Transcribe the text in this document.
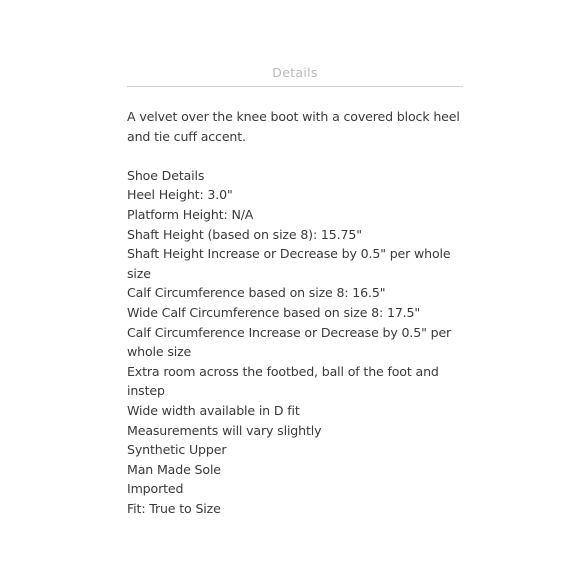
Details

A velvet over the knee boot with a covered block heel and tie cuff accent.

Shoe Details

Heel Height: 3.0"
Platform Height: N/A
Shaft Height (based on size 8): 15.75"
Shaft Height Increase or Decrease by 0.5" per whole size
Calf Circumference based on size 8: 16.5"
Wide Calf Circumference based on size 8: 17.5"
Calf Circumference Increase or Decrease by 0.5" per whole size
Extra room across the footbed, ball of the foot and instep
Wide width available in D fit
Measurements will vary slightly
Synthetic Upper
Man Made Sole
Imported
Fit: True to Size
